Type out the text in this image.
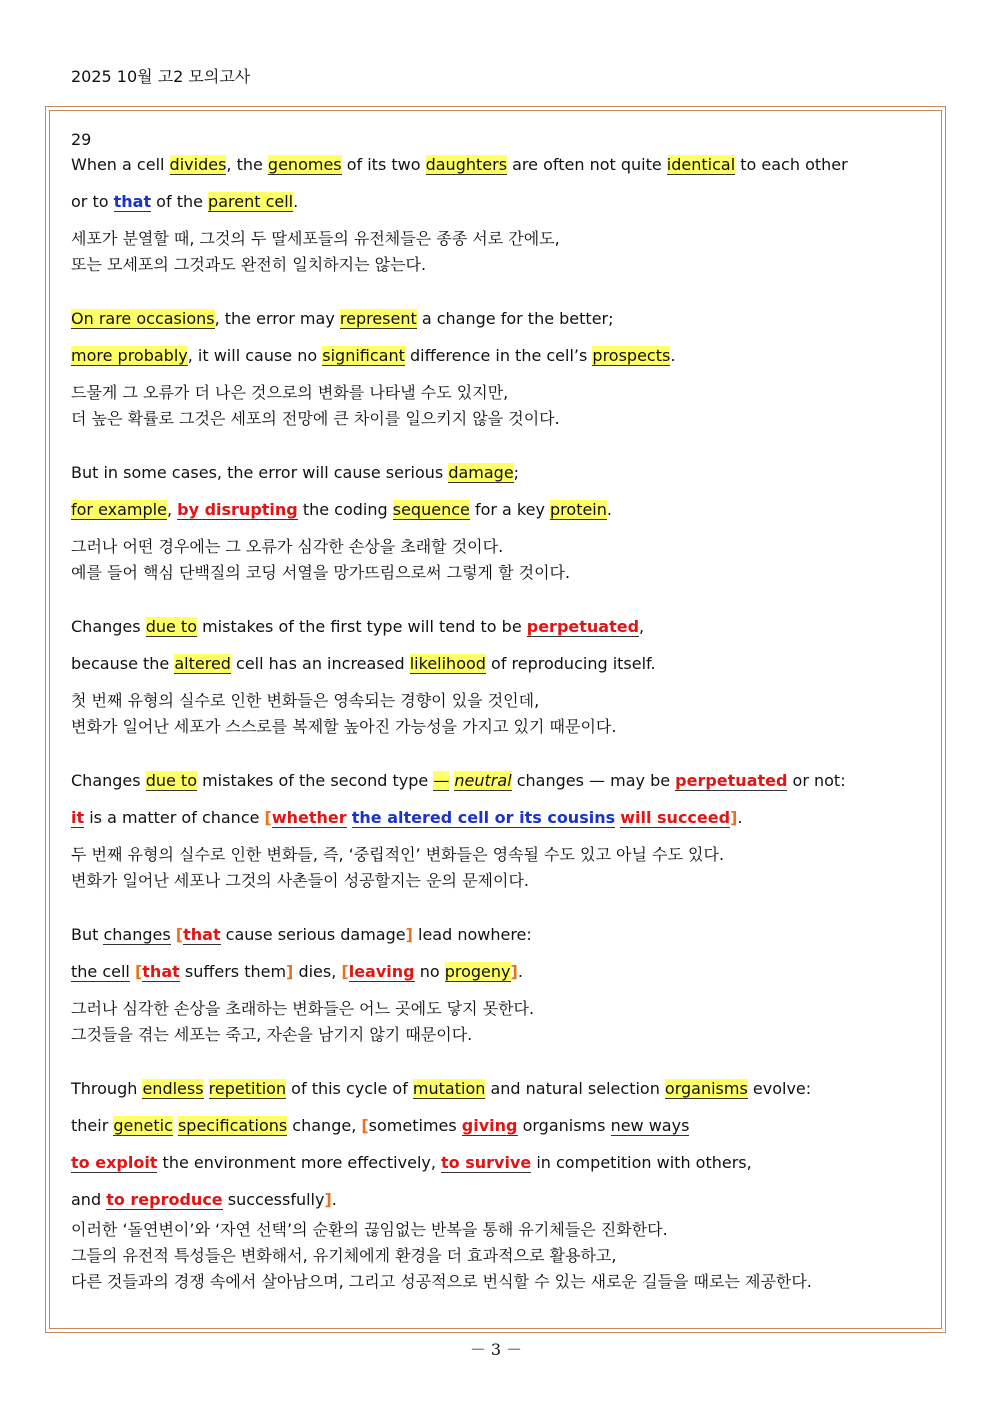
2025 10월 고2 모의고사
29
When a cell divides, the genomes of its two daughters are often not quite identical to each other
or to that of the parent cell.
세포가 분열할 때, 그것의 두 딸세포들의 유전체들은 종종 서로 간에도,
또는 모세포의 그것과도 완전히 일치하지는 않는다.
On rare occasions, the error may represent a change for the better;
more probably, it will cause no significant difference in the cell’s prospects.
드물게 그 오류가 더 나은 것으로의 변화를 나타낼 수도 있지만,
더 높은 확률로 그것은 세포의 전망에 큰 차이를 일으키지 않을 것이다.
But in some cases, the error will cause serious damage;
for example, by disrupting the coding sequence for a key protein.
그러나 어떤 경우에는 그 오류가 심각한 손상을 초래할 것이다.
예를 들어 핵심 단백질의 코딩 서열을 망가뜨림으로써 그렇게 할 것이다.
Changes due to mistakes of the first type will tend to be perpetuated,
because the altered cell has an increased likelihood of reproducing itself.
첫 번째 유형의 실수로 인한 변화들은 영속되는 경향이 있을 것인데,
변화가 일어난 세포가 스스로를 복제할 높아진 가능성을 가지고 있기 때문이다.
Changes due to mistakes of the second type — neutral changes — may be perpetuated or not:
it is a matter of chance [whether the altered cell or its cousins will succeed].
두 번째 유형의 실수로 인한 변화들, 즉, ‘중립적인’ 변화들은 영속될 수도 있고 아닐 수도 있다.
변화가 일어난 세포나 그것의 사촌들이 성공할지는 운의 문제이다.
But changes [that cause serious damage] lead nowhere:
the cell [that suffers them] dies, [leaving no progeny].
그러나 심각한 손상을 초래하는 변화들은 어느 곳에도 닿지 못한다.
그것들을 겪는 세포는 죽고, 자손을 남기지 않기 때문이다.
Through endless repetition of this cycle of mutation and natural selection organisms evolve:
their genetic specifications change, [sometimes giving organisms new ways
to exploit the environment more effectively, to survive in competition with others,
and to reproduce successfully].
이러한 ‘돌연변이’와 ‘자연 선택’의 순환의 끊임없는 반복을 통해 유기체들은 진화한다.
그들의 유전적 특성들은 변화해서, 유기체에게 환경을 더 효과적으로 활용하고,
다른 것들과의 경쟁 속에서 살아남으며, 그리고 성공적으로 번식할 수 있는 새로운 길들을 때로는 제공한다.
－ 3 －
